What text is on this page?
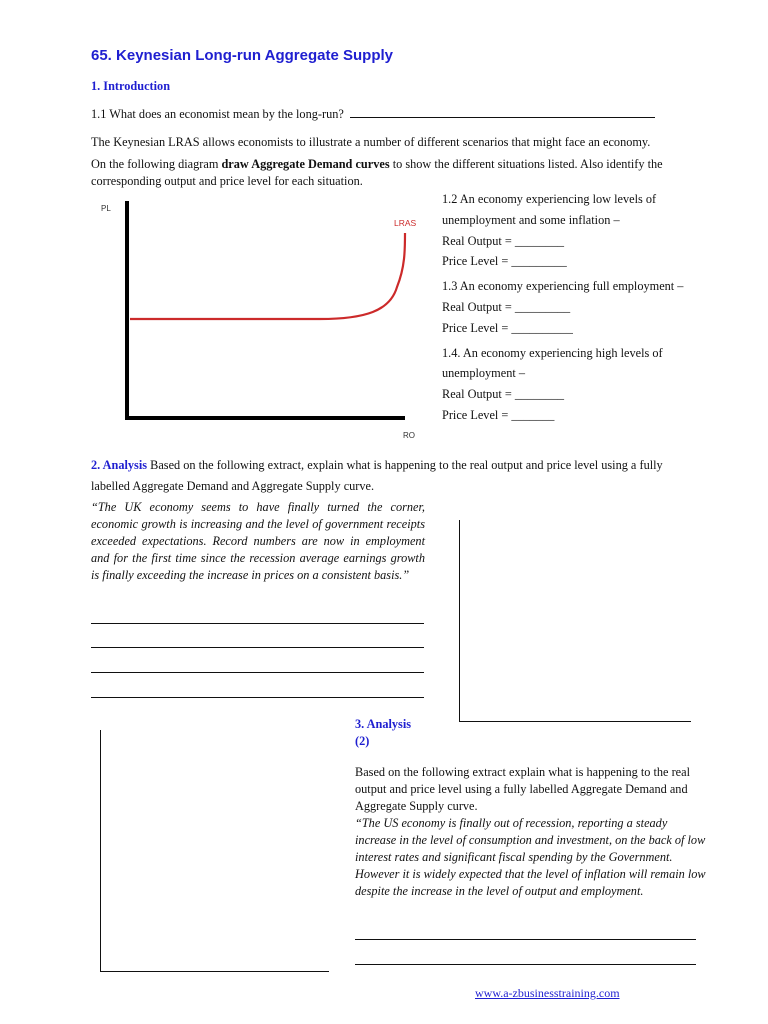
65. Keynesian Long-run Aggregate Supply
1. Introduction
1.1 What does an economist mean by the long-run?
The Keynesian LRAS allows economists to illustrate a number of different scenarios that might face an economy.
On the following diagram draw Aggregate Demand curves to show the different situations listed. Also identify the corresponding output and price level for each situation.
PL
RO
LRAS
1.2 An economy experiencing low levels of
unemployment and some inflation –
Real Output = ________
Price Level = _________
1.3 An economy experiencing full employment –
Real Output = _________
Price Level = __________
1.4. An economy experiencing high levels of
unemployment –
Real Output = ________
Price Level = _______
2. Analysis Based on the following extract, explain what is happening to the real output and price level using a fully
labelled Aggregate Demand and Aggregate Supply curve.
“The UK economy seems to have finally turned the corner, economic growth is increasing and the level of government receipts exceeded expectations. Record numbers are now in employment and for the first time since the recession average earnings growth is finally exceeding the increase in prices on a consistent basis.”
3. Analysis
(2)
Based on the following extract explain what is happening to the real output and price level using a fully labelled Aggregate Demand and Aggregate Supply curve.
“The US economy is finally out of recession, reporting a steady increase in the level of consumption and investment, on the back of low interest rates and significant fiscal spending by the Government. However it is widely expected that the level of inflation will remain low despite the increase in the level of output and employment.
www.a-zbusinesstraining.com
